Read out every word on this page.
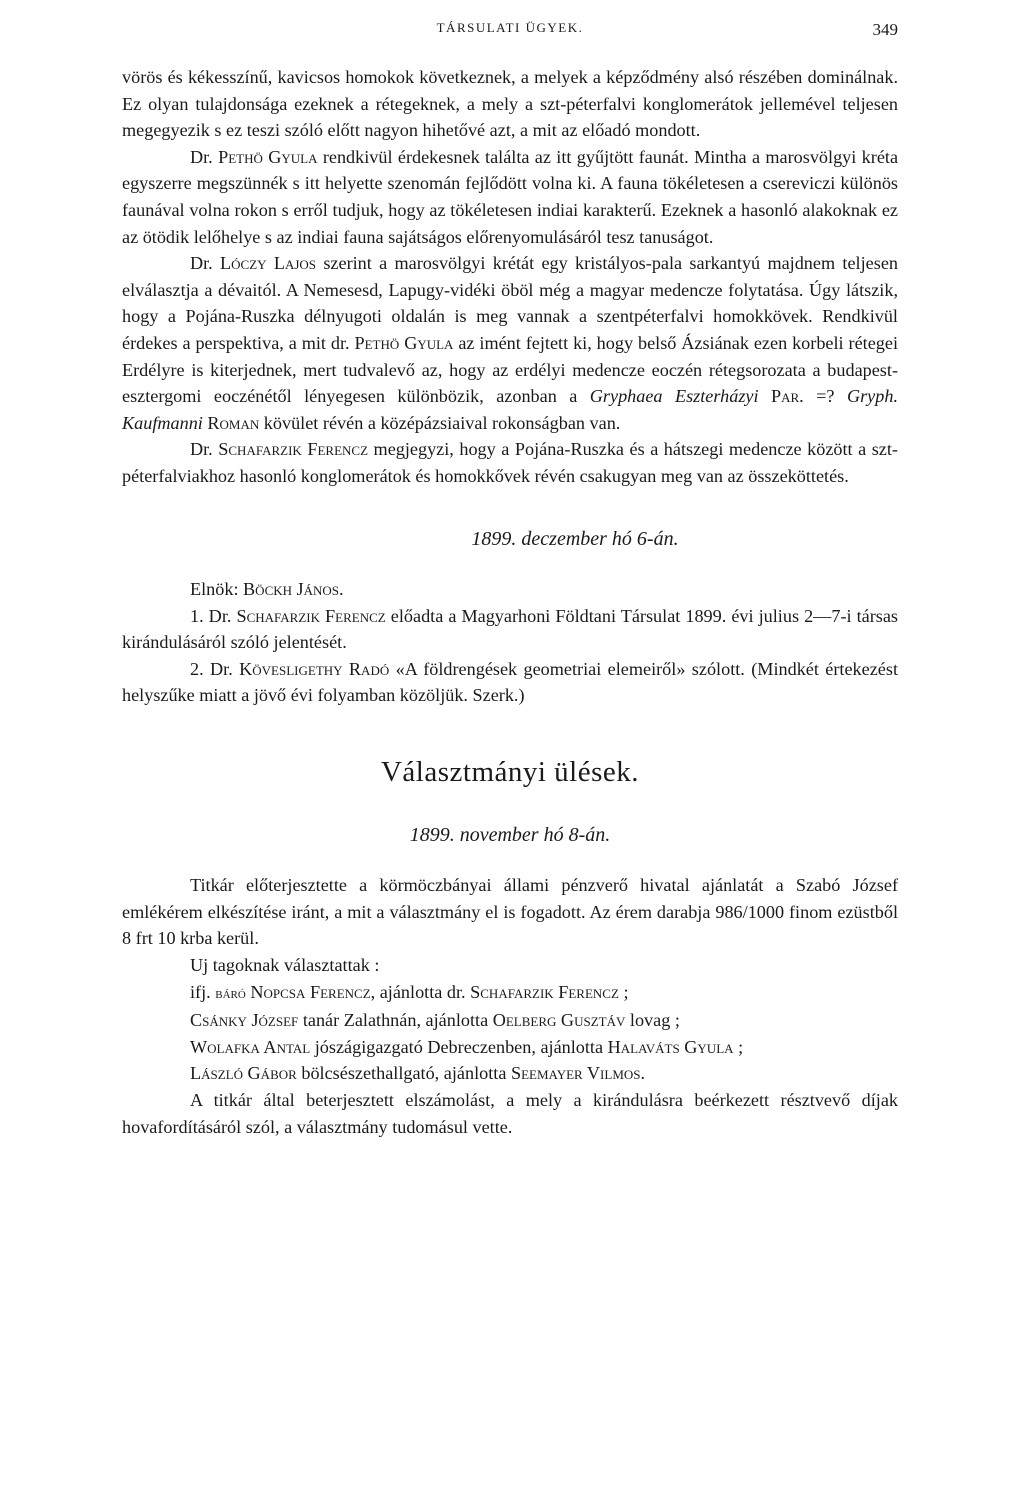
TÁRSULATI ÜGYEK.	349

vörös és kékesszínű, kavicsos homokok következnek, a melyek a képződmény alsó részében dominálnak. Ez olyan tulajdonsága ezeknek a rétegeknek, a mely a szt-péterfalvi konglomerátok jellemével teljesen megegyezik s ez teszi szóló előtt nagyon hihetővé azt, a mit az előadó mondott.

Dr. Pethö Gyula rendkivül érdekesnek találta az itt gyűjtött faunát. Mintha a marosvölgyi kréta egyszerre megszünnék s itt helyette szenomán fejlődött volna ki. A fauna tökéletesen a csereviczi különös faunával volna rokon s erről tudjuk, hogy az tökéletesen indiai karakterű. Ezeknek a hasonló alakoknak ez az ötödik lelőhelye s az indiai fauna sajátságos előrenyomulásáról tesz tanuságot.

Dr. Lóczy Lajos szerint a marosvölgyi krétát egy kristályos-pala sarkantyú majdnem teljesen elválasztja a dévaitól. A Nemesesd, Lapugy-vidéki öböl még a magyar medencze folytatása. Úgy látszik, hogy a Pojána-Ruszka délnyugoti oldalán is meg vannak a szentpéterfalvi homokkövek. Rendkivül érdekes a perspektiva, a mit dr. Pethö Gyula az imént fejtett ki, hogy belső Ázsiának ezen korbeli rétegei Erdélyre is kiterjednek, mert tudvalevő az, hogy az erdélyi medencze eoczén rétegsorozata a budapest-esztergomi eoczénétől lényegesen különbözik, azonban a Gryphaea Eszterházyi Par. =? Gryph. Kaufmanni Roman kövület révén a középázsiaival rokonságban van.

Dr. Schafarzik Ferencz megjegyzi, hogy a Pojána-Ruszka és a hátszegi medencze között a szt-péterfalviakhoz hasonló konglomerátok és homokkővek révén csakugyan meg van az összeköttetés.

1899. deczember hó 6-án.

Elnök: Böckh János.

1. Dr. Schafarzik Ferencz előadta a Magyarhoni Földtani Társulat 1899. évi julius 2—7-i társas kirándulásáról szóló jelentését.

2. Dr. Kövesligethy Radó «A földrengések geometriai elemeiről» szólott. (Mindkét értekezést helyszűke miatt a jövő évi folyamban közöljük. Szerk.)

Választmányi ülések.
1899. november hó 8-án.

Titkár előterjesztette a körmöczbányai állami pénzverő hivatal ajánlatát a Szabó József emlékérem elkészítése iránt, a mit a választmány el is fogadott. Az érem darabja 986/1000 finom ezüstből 8 frt 10 krba kerül.

Uj tagoknak választattak :

ifj. báró Nopcsa Ferencz, ajánlotta dr. Schafarzik Ferencz ;

Csánky József tanár Zalathnán, ajánlotta Oelberg Gusztáv lovag ;

Wolafka Antal jószágigazgató Debreczenben, ajánlotta Halaváts Gyula ;

László Gábor bölcsészethallgató, ajánlotta Seemayer Vilmos.

A titkár által beterjesztett elszámolást, a mely a kirándulásra beérkezett résztvevő díjak hovafordításáról szól, a választmány tudomásul vette.
